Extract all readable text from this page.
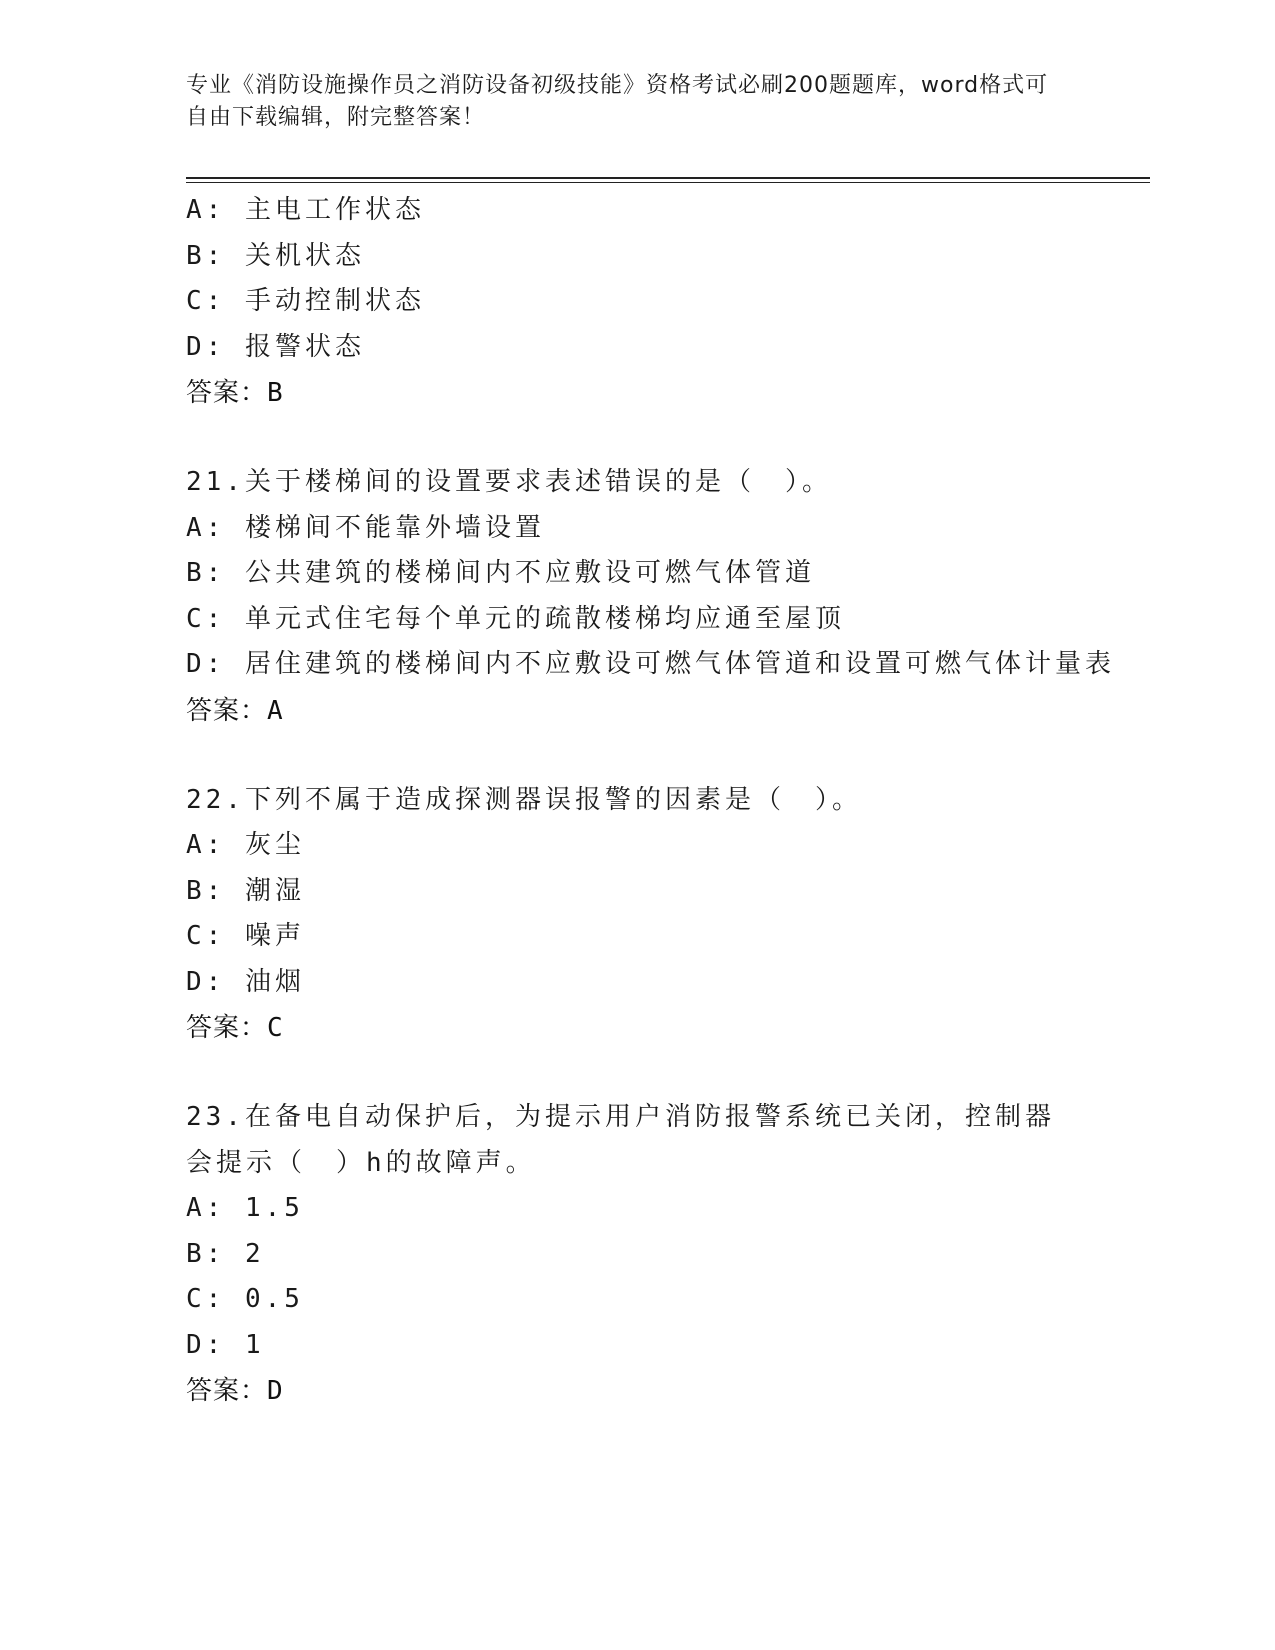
专业《消防设施操作员之消防设备初级技能》资格考试必刷200题题库，word格式可自由下载编辑，附完整答案！
A: 主电工作状态
B: 关机状态
C: 手动控制状态
D: 报警状态
答案：B
21.关于楼梯间的设置要求表述错误的是（　）。
A: 楼梯间不能靠外墙设置
B: 公共建筑的楼梯间内不应敷设可燃气体管道
C: 单元式住宅每个单元的疏散楼梯均应通至屋顶
D: 居住建筑的楼梯间内不应敷设可燃气体管道和设置可燃气体计量表
答案：A
22.下列不属于造成探测器误报警的因素是（　）。
A: 灰尘
B: 潮湿
C: 噪声
D: 油烟
答案：C
23.在备电自动保护后，为提示用户消防报警系统已关闭，控制器会提示（　）h的故障声。
A: 1.5
B: 2
C: 0.5
D: 1
答案：D
